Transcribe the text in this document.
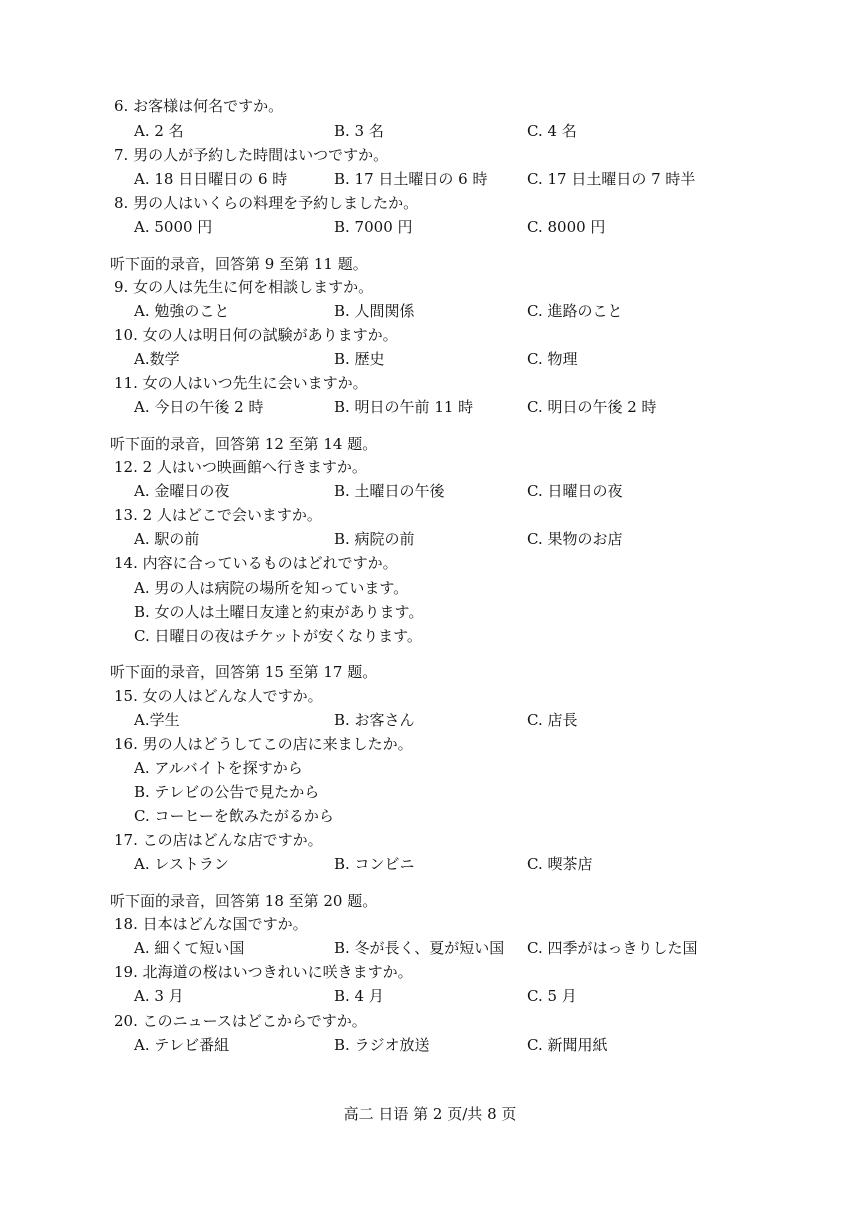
6. お客様は何名ですか。
A. 2 名	B. 3 名	C. 4 名
7. 男の人が予約した時間はいつですか。
A. 18 日日曜日の 6 時	B. 17 日土曜日の 6 時	C. 17 日土曜日の 7 時半
8. 男の人はいくらの料理を予約しましたか。
A. 5000 円	B. 7000 円	C. 8000 円
听下面的录音，回答第 9 至第 11 题。
9. 女の人は先生に何を相談しますか。
A. 勉強のこと	B. 人間関係	C. 進路のこと
10. 女の人は明日何の試験がありますか。
A.数学	B. 歴史	C. 物理
11. 女の人はいつ先生に会いますか。
A. 今日の午後 2 時	B. 明日の午前 11 時	C. 明日の午後 2 時
听下面的录音，回答第 12 至第 14 题。
12. 2 人はいつ映画館へ行きますか。
A. 金曜日の夜	B. 土曜日の午後	C. 日曜日の夜
13. 2 人はどこで会いますか。
A. 駅の前	B. 病院の前	C. 果物のお店
14. 内容に合っているものはどれですか。
A. 男の人は病院の場所を知っています。
B. 女の人は土曜日友達と約束があります。
C. 日曜日の夜はチケットが安くなります。
听下面的录音，回答第 15 至第 17 题。
15. 女の人はどんな人ですか。
A.学生	B. お客さん	C. 店長
16. 男の人はどうしてこの店に来ましたか。
A. アルバイトを探すから
B. テレビの公告で見たから
C. コーヒーを飲みたがるから
17. この店はどんな店ですか。
A. レストラン	B. コンビニ	C. 喫茶店
听下面的录音，回答第 18 至第 20 题。
18. 日本はどんな国ですか。
A. 細くて短い国	B. 冬が長く、夏が短い国 C. 四季がはっきりした国
19. 北海道の桜はいつきれいに咲きますか。
A. 3 月	B. 4 月	C. 5 月
20. このニュースはどこからですか。
A. テレビ番組	B. ラジオ放送	C. 新聞用紙
高二 日语 第 2 页/共 8 页
